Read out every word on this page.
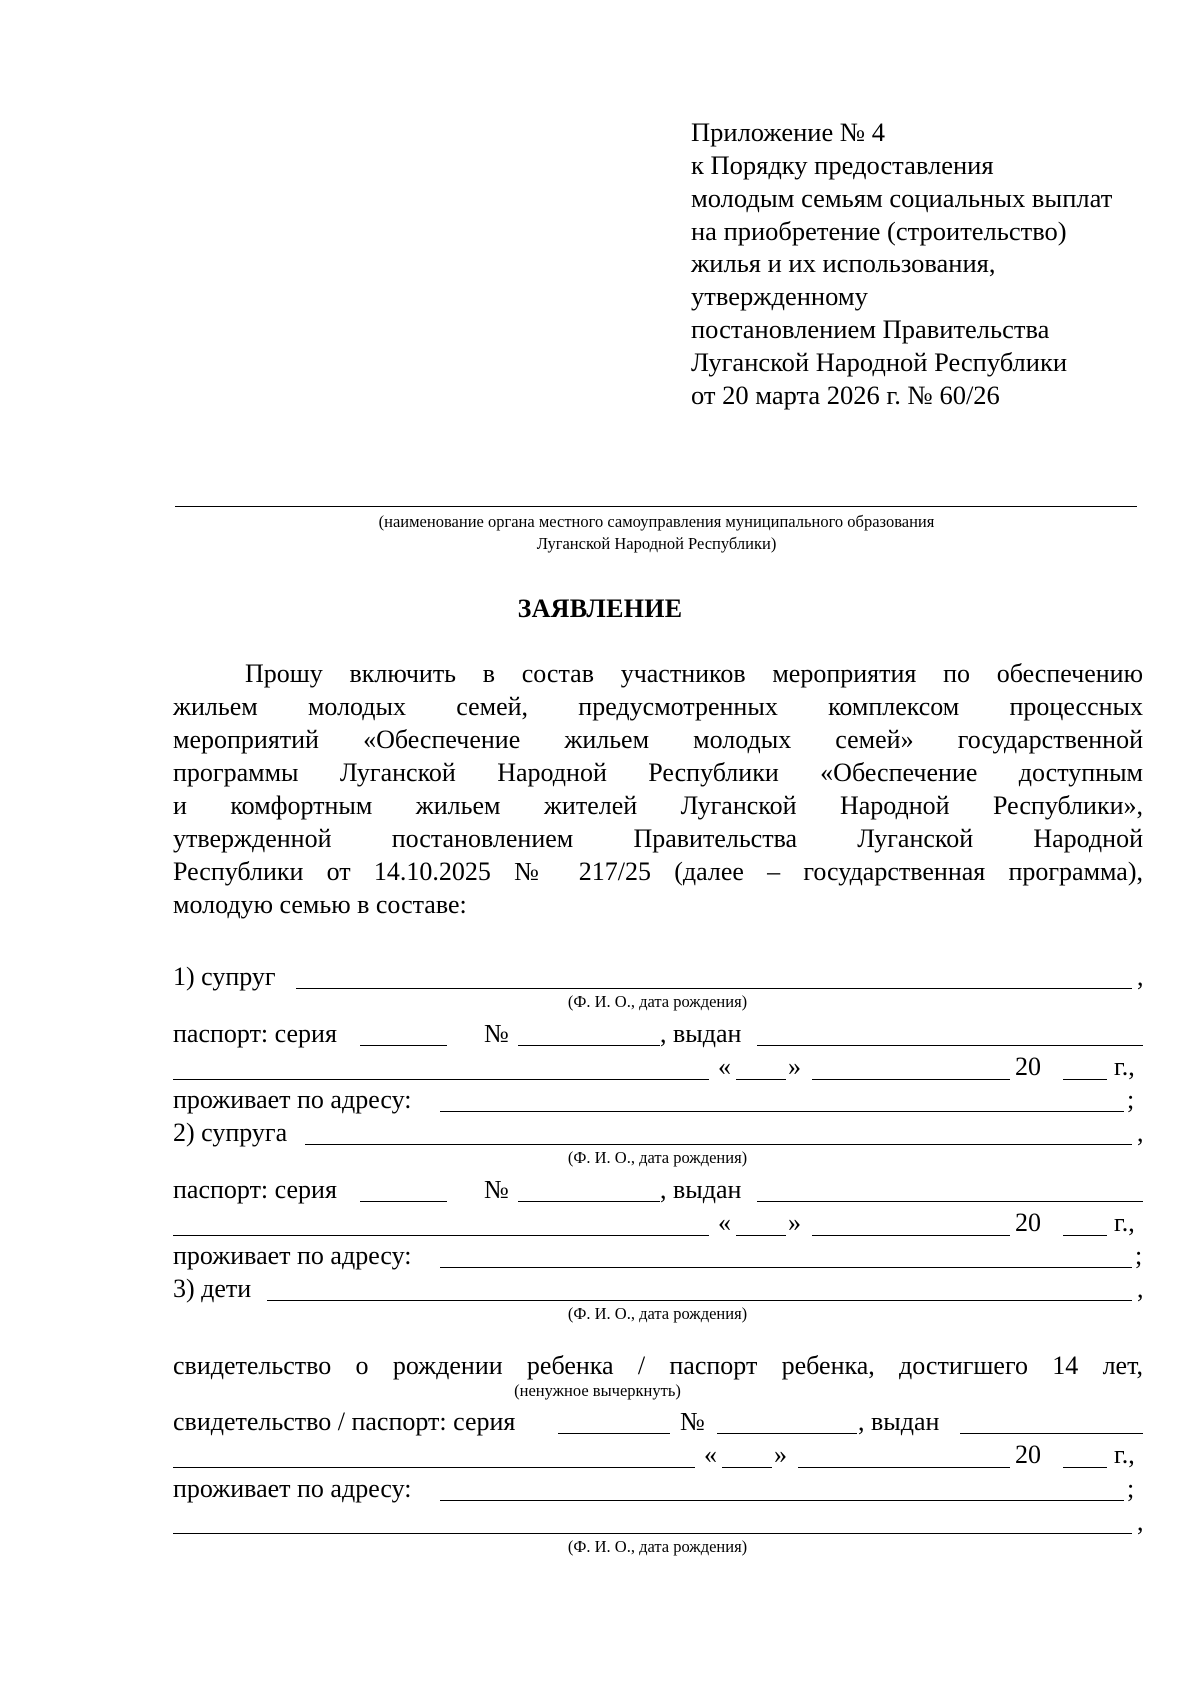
Приложение № 4
к Порядку предоставления
молодым семьям социальных выплат
на приобретение (строительство)
жилья и их использования,
утвержденному
постановлением Правительства
Луганской Народной Республики
от 20 марта 2026 г. № 60/26
(наименование органа местного самоуправления муниципального образования
Луганской Народной Республики)
ЗАЯВЛЕНИЕ
Прошу включить в состав участников мероприятия по обеспечению
жильем молодых семей, предусмотренных комплексом процессных
мероприятий «Обеспечение жильем молодых семей» государственной
программы Луганской Народной Республики «Обеспечение доступным
и комфортным жильем жителей Луганской Народной Республики»,
утвержденной постановлением Правительства Луганской Народной
Республики от 14.10.2025 № 217/25 (далее – государственная программа),
молодую семью в составе:
1) супруг	,
(Ф. И. О., дата рождения)
паспорт: серия	№	, выдан
« »	20	г.,
проживает по адресу:	;
2) супруга	,
(Ф. И. О., дата рождения)
паспорт: серия	№	, выдан
« »	20	г.,
проживает по адресу:	;
3) дети	,
(Ф. И. О., дата рождения)
свидетельство о рождении ребенка / паспорт ребенка, достигшего 14 лет,
(ненужное вычеркнуть)
свидетельство / паспорт: серия	№	, выдан
« »	20	г.,
проживает по адресу:	;
,
(Ф. И. О., дата рождения)
